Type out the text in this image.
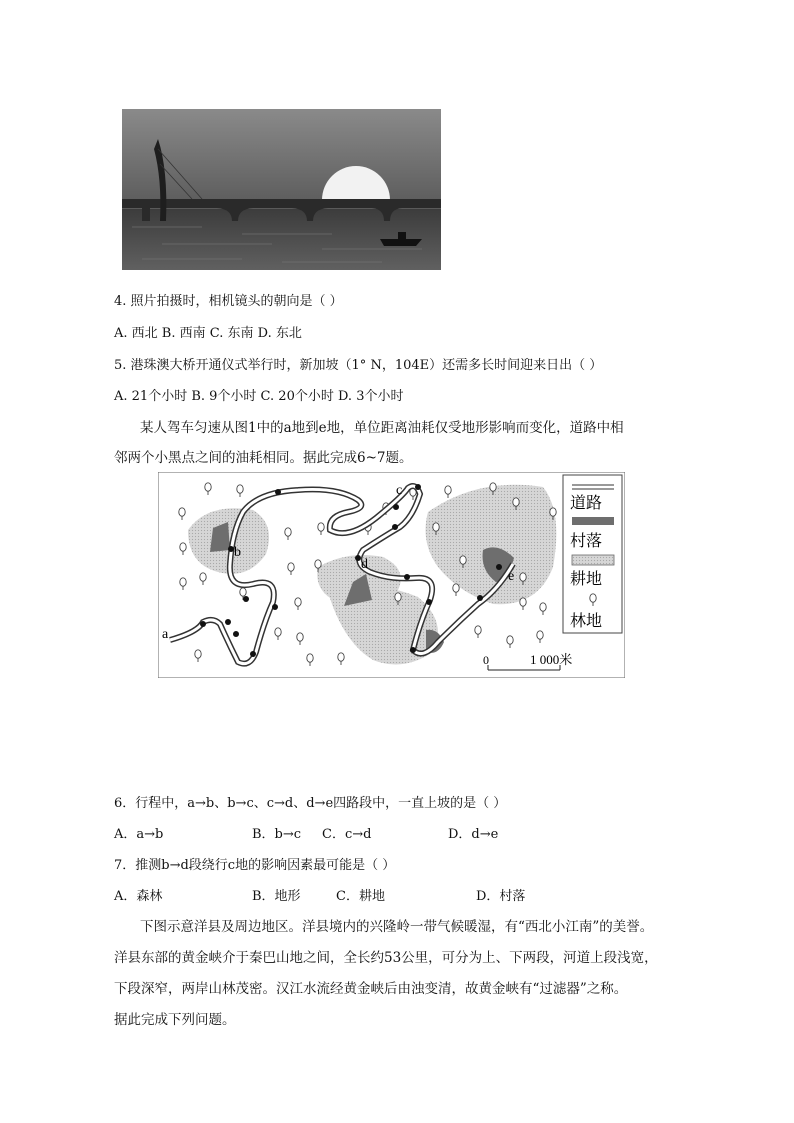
4. 照片拍摄时，相机镜头的朝向是（ ）
A. 西北 B. 西南 C. 东南 D. 东北
5. 港珠澳大桥开通仪式举行时，新加坡（1° N，104E）还需多长时间迎来日出（ ）
A. 21个小时 B. 9个小时 C. 20个小时 D. 3个小时
某人驾车匀速从图1中的a地到e地，单位距离油耗仅受地形影响而变化，道路中相
邻两个小黑点之间的油耗相同。据此完成6~7题。
a
b
c
d
e
0	1 000米
道路
村落
耕地
林地
6．行程中，a→b、b→c、c→d、d→e四路段中，一直上坡的是（ ）
A．a→b	B．b→c C．c→d	D．d→e
7．推测b→d段绕行c地的影响因素最可能是（ ）
A．森林	B．地形	C．耕地	D．村落
下图示意洋县及周边地区。洋县境内的兴隆岭一带气候暖湿，有“西北小江南”的美誉。
洋县东部的黄金峡介于秦巴山地之间，全长约53公里，可分为上、下两段，河道上段浅宽，
下段深窄，两岸山林茂密。汉江水流经黄金峡后由浊变清，故黄金峡有“过滤器”之称。
据此完成下列问题。
